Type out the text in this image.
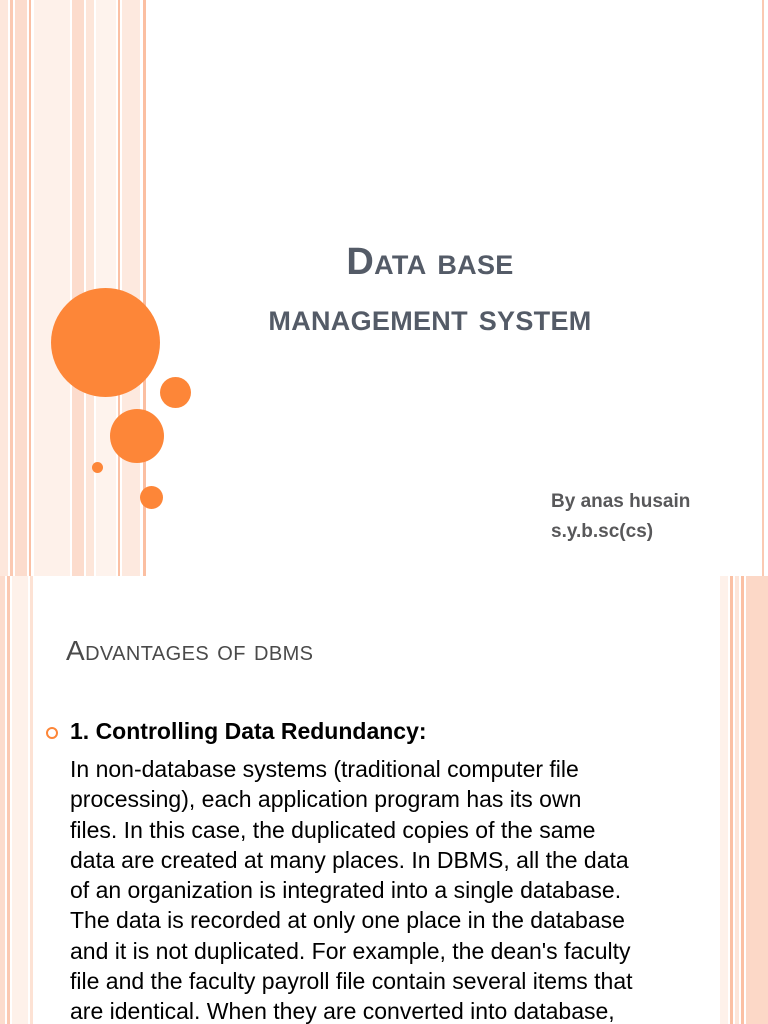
Data base
management system
By anas husain
s.y.b.sc(cs)
Advantages of dbms
1. Controlling Data Redundancy:
In non-database systems (traditional computer file
processing), each application program has its own
files. In this case, the duplicated copies of the same
data are created at many places. In DBMS, all the data
of an organization is integrated into a single database.
The data is recorded at only one place in the database
and it is not duplicated. For example, the dean's faculty
file and the faculty payroll file contain several items that
are identical. When they are converted into database,
